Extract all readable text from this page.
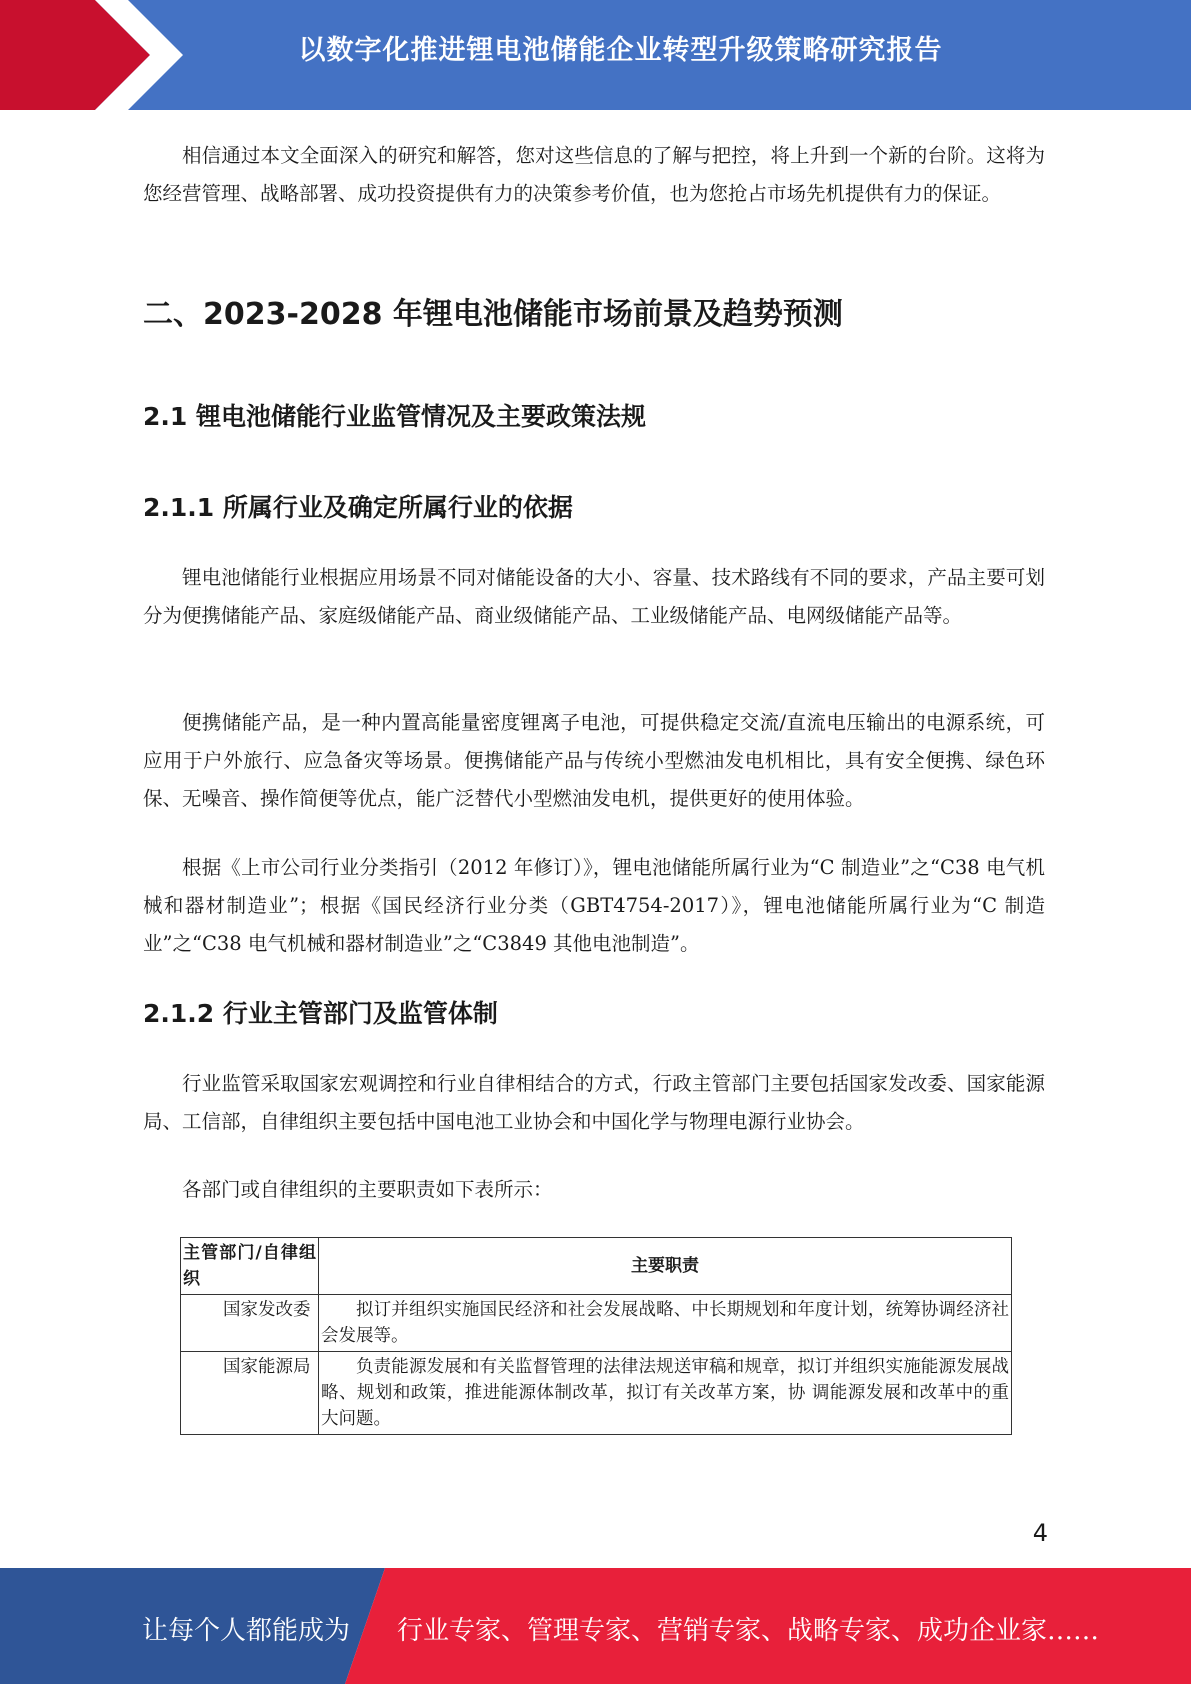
以数字化推进锂电池储能企业转型升级策略研究报告

相信通过本文全面深入的研究和解答，您对这些信息的了解与把控，将上升到一个新的台阶。这将为您经营管理、战略部署、成功投资提供有力的决策参考价值，也为您抢占市场先机提供有力的保证。

二、2023-2028 年锂电池储能市场前景及趋势预测
2.1 锂电池储能行业监管情况及主要政策法规
2.1.1 所属行业及确定所属行业的依据

锂电池储能行业根据应用场景不同对储能设备的大小、容量、技术路线有不同的要求，产品主要可划分为便携储能产品、家庭级储能产品、商业级储能产品、工业级储能产品、电网级储能产品等。

便携储能产品，是一种内置高能量密度锂离子电池，可提供稳定交流/直流电压输出的电源系统，可应用于户外旅行、应急备灾等场景。便携储能产品与传统小型燃油发电机相比，具有安全便携、绿色环保、无噪音、操作简便等优点，能广泛替代小型燃油发电机，提供更好的使用体验。

根据《上市公司行业分类指引（2012 年修订）》，锂电池储能所属行业为“C 制造业”之“C38 电气机械和器材制造业”；根据《国民经济行业分类（GBT4754-2017）》，锂电池储能所属行业为“C 制造业”之“C38 电气机械和器材制造业”之“C3849 其他电池制造”。

2.1.2 行业主管部门及监管体制

行业监管采取国家宏观调控和行业自律相结合的方式，行政主管部门主要包括国家发改委、国家能源局、工信部，自律组织主要包括中国电池工业协会和中国化学与物理电源行业协会。

各部门或自律组织的主要职责如下表所示：

主管部门/自律组织	主要职责
国家发改委	拟订并组织实施国民经济和社会发展战略、中长期规划和年度计划，统筹协调经济社会发展等。
国家能源局	负责能源发展和有关监督管理的法律法规送审稿和规章，拟订并组织实施能源发展战略、规划和政策，推进能源体制改革，拟订有关改革方案，协 调能源发展和改革中的重大问题。
4
让每个人都能成为 行业专家、管理专家、营销专家、战略专家、成功企业家……
